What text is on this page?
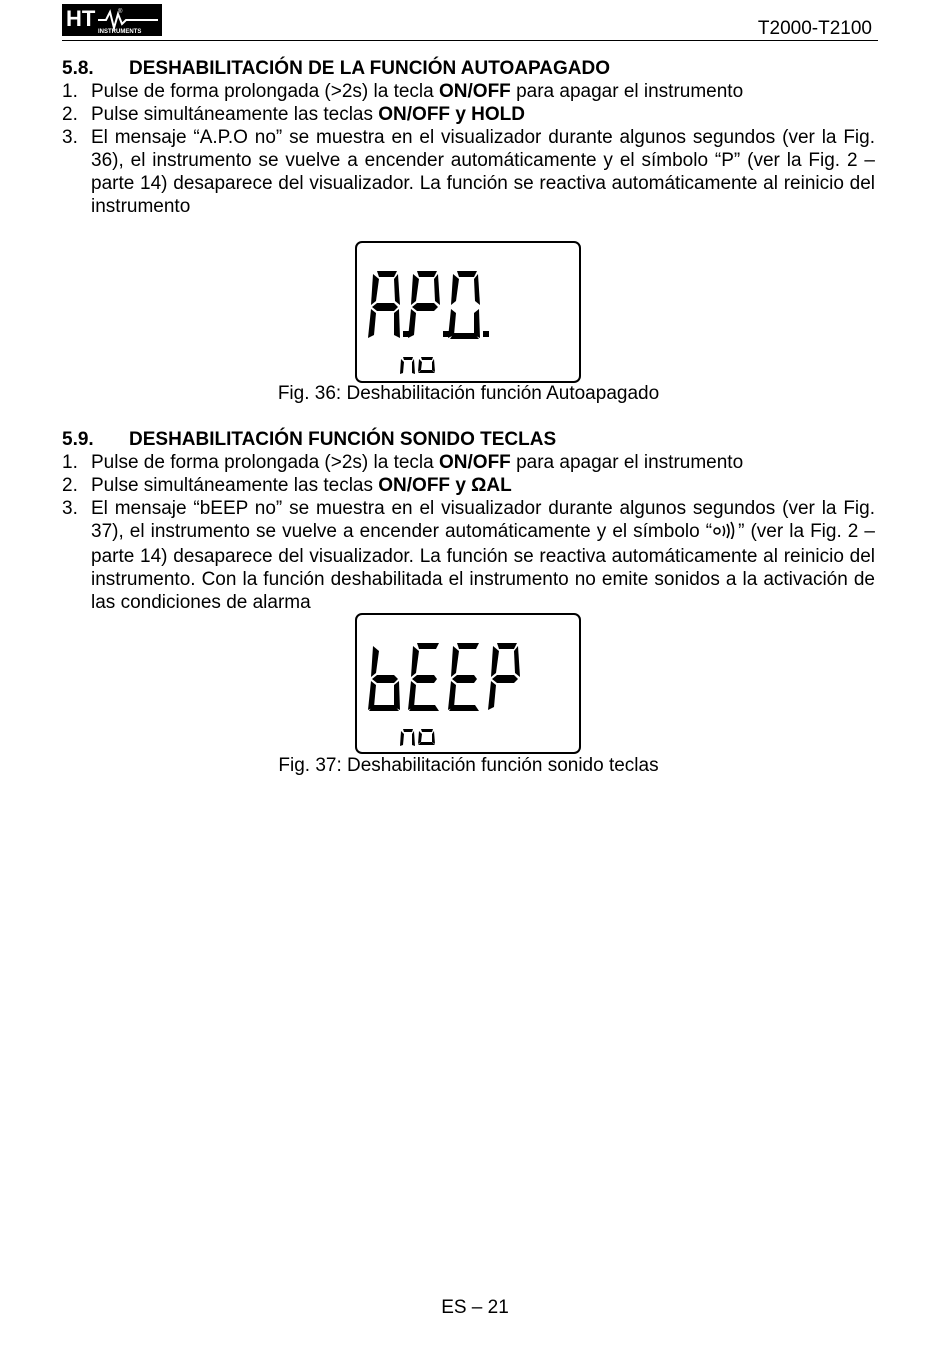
HT	®
INSTRUMENTS	T2000-T2100
5.8.	DESHABILITACIÓN DE LA FUNCIÓN AUTOAPAGADO
1. Pulse de forma prolongada (>2s) la tecla ON/OFF para apagar el instrumento
2. Pulse simultáneamente las teclas ON/OFF y HOLD
3. El mensaje “A.P.O no” se muestra en el visualizador durante algunos segundos (ver la Fig. 36), el instrumento se vuelve a encender automáticamente y el símbolo “P” (ver la Fig. 2 – parte 14) desaparece del visualizador. La función se reactiva automáticamente al reinicio del instrumento
Fig. 36: Deshabilitación función Autoapagado
5.9.	DESHABILITACIÓN FUNCIÓN SONIDO TECLAS
1. Pulse de forma prolongada (>2s) la tecla ON/OFF para apagar el instrumento
2. Pulse simultáneamente las teclas ON/OFF y ΩAL
3. El mensaje “bEEP no” se muestra en el visualizador durante algunos segundos (ver la Fig. 37), el instrumento se vuelve a encender automáticamente y el símbolo “ ” (ver la Fig. 2 – parte 14) desaparece del visualizador. La función se reactiva automáticamente al reinicio del instrumento. Con la función deshabilitada el instrumento no emite sonidos a la activación de las condiciones de alarma
Fig. 37: Deshabilitación función sonido teclas
ES – 21
